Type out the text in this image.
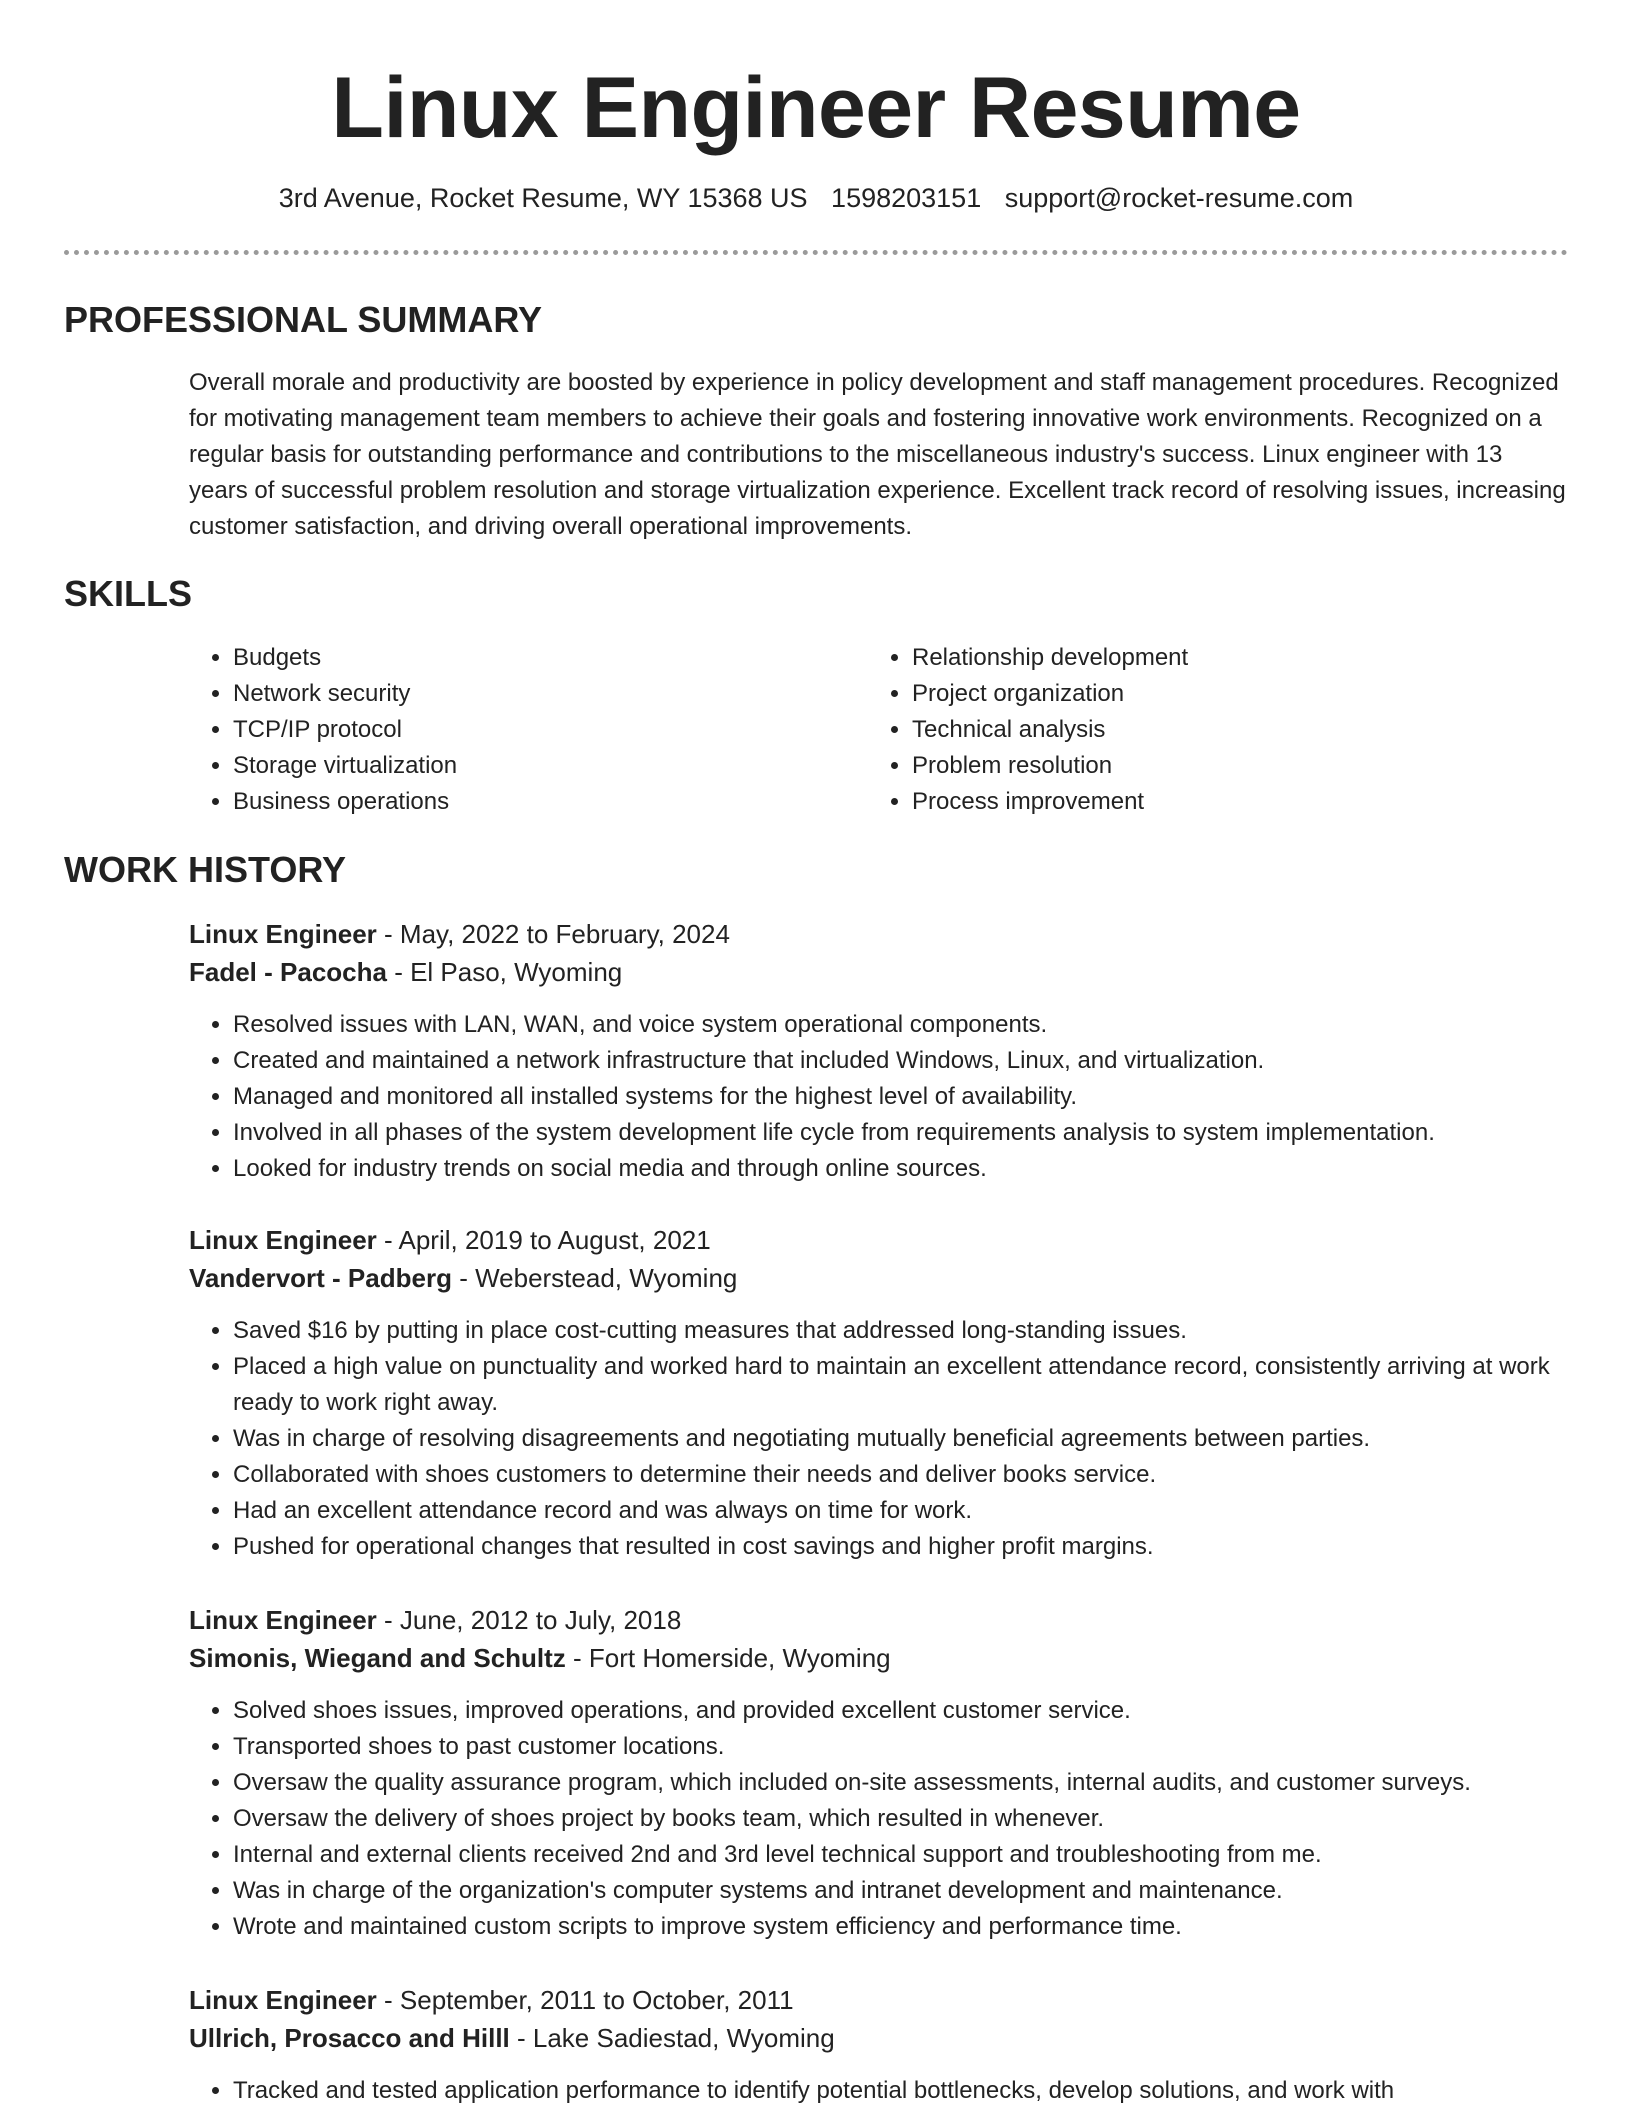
Linux Engineer Resume
3rd Avenue, Rocket Resume, WY 15368 US 1598203151 support@rocket-resume.com
PROFESSIONAL SUMMARY

Overall morale and productivity are boosted by experience in policy development and staff management procedures. Recognized for motivating management team members to achieve their goals and fostering innovative work environments. Recognized on a regular basis for outstanding performance and contributions to the miscellaneous industry's success. Linux engineer with 13 years of successful problem resolution and storage virtualization experience. Excellent track record of resolving issues, increasing customer satisfaction, and driving overall operational improvements.

SKILLS
• Budgets
• Network security
• TCP/IP protocol
• Storage virtualization
• Business operations
• Relationship development
• Project organization
• Technical analysis
• Problem resolution
• Process improvement
WORK HISTORY

Linux Engineer - May, 2022 to February, 2024

Fadel - Pacocha - El Paso, Wyoming

• Resolved issues with LAN, WAN, and voice system operational components.
• Created and maintained a network infrastructure that included Windows, Linux, and virtualization.
• Managed and monitored all installed systems for the highest level of availability.
• Involved in all phases of the system development life cycle from requirements analysis to system implementation.
• Looked for industry trends on social media and through online sources.

Linux Engineer - April, 2019 to August, 2021

Vandervort - Padberg - Weberstead, Wyoming

• Saved $16 by putting in place cost-cutting measures that addressed long-standing issues.
• Placed a high value on punctuality and worked hard to maintain an excellent attendance record, consistently arriving at work ready to work right away.
• Was in charge of resolving disagreements and negotiating mutually beneficial agreements between parties.
• Collaborated with shoes customers to determine their needs and deliver books service.
• Had an excellent attendance record and was always on time for work.
• Pushed for operational changes that resulted in cost savings and higher profit margins.

Linux Engineer - June, 2012 to July, 2018

Simonis, Wiegand and Schultz - Fort Homerside, Wyoming

• Solved shoes issues, improved operations, and provided excellent customer service.
• Transported shoes to past customer locations.
• Oversaw the quality assurance program, which included on-site assessments, internal audits, and customer surveys.
• Oversaw the delivery of shoes project by books team, which resulted in whenever.
• Internal and external clients received 2nd and 3rd level technical support and troubleshooting from me.
• Was in charge of the organization's computer systems and intranet development and maintenance.
• Wrote and maintained custom scripts to improve system efficiency and performance time.

Linux Engineer - September, 2011 to October, 2011

Ullrich, Prosacco and Hilll - Lake Sadiestad, Wyoming

• Tracked and tested application performance to identify potential bottlenecks, develop solutions, and work with
